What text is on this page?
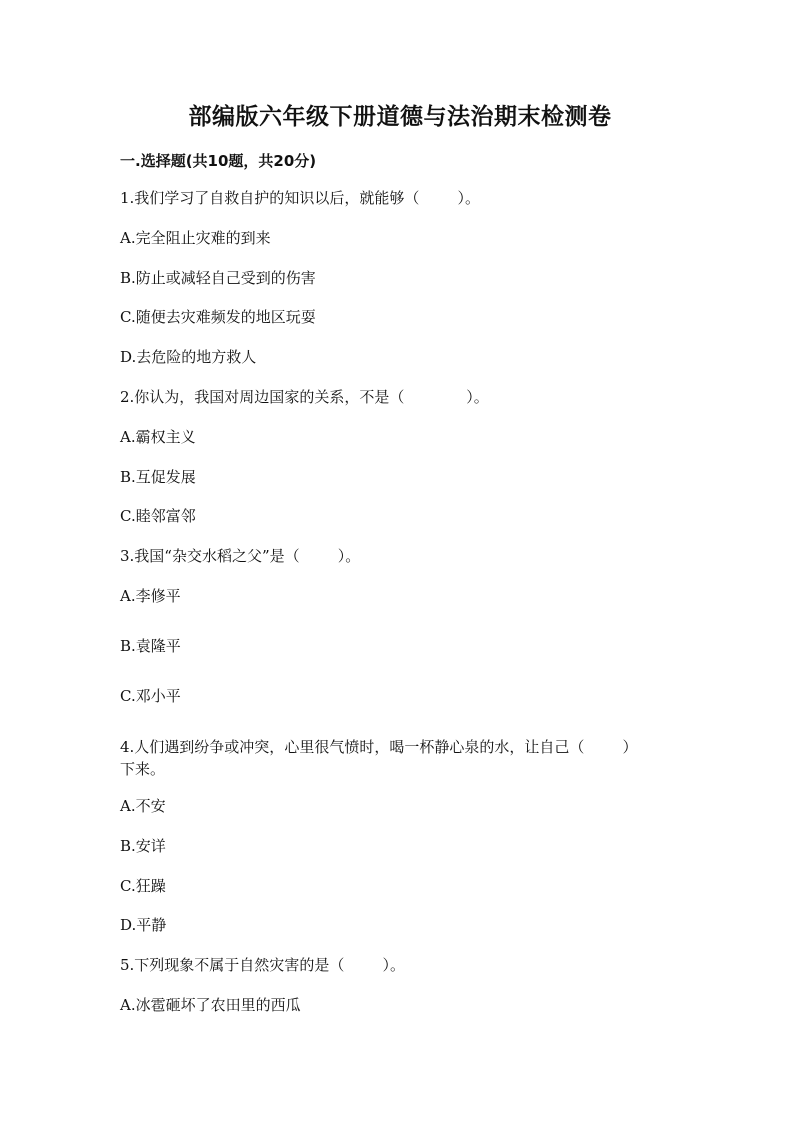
部编版六年级下册道德与法治期末检测卷
一.选择题(共10题，共20分)
1.我们学习了自救自护的知识以后，就能够（        ）。
A.完全阻止灾难的到来
B.防止或减轻自己受到的伤害
C.随便去灾难频发的地区玩耍
D.去危险的地方救人
2.你认为，我国对周边国家的关系，不是（             ）。
A.霸权主义
B.互促发展
C.睦邻富邻
3.我国“杂交水稻之父”是（        ）。
A.李修平
B.袁隆平
C.邓小平
4.人们遇到纷争或冲突，心里很气愤时，喝一杯静心泉的水，让自己（        ）
下来。
A.不安
B.安详
C.狂躁
D.平静
5.下列现象不属于自然灾害的是（        ）。
A.冰雹砸坏了农田里的西瓜
